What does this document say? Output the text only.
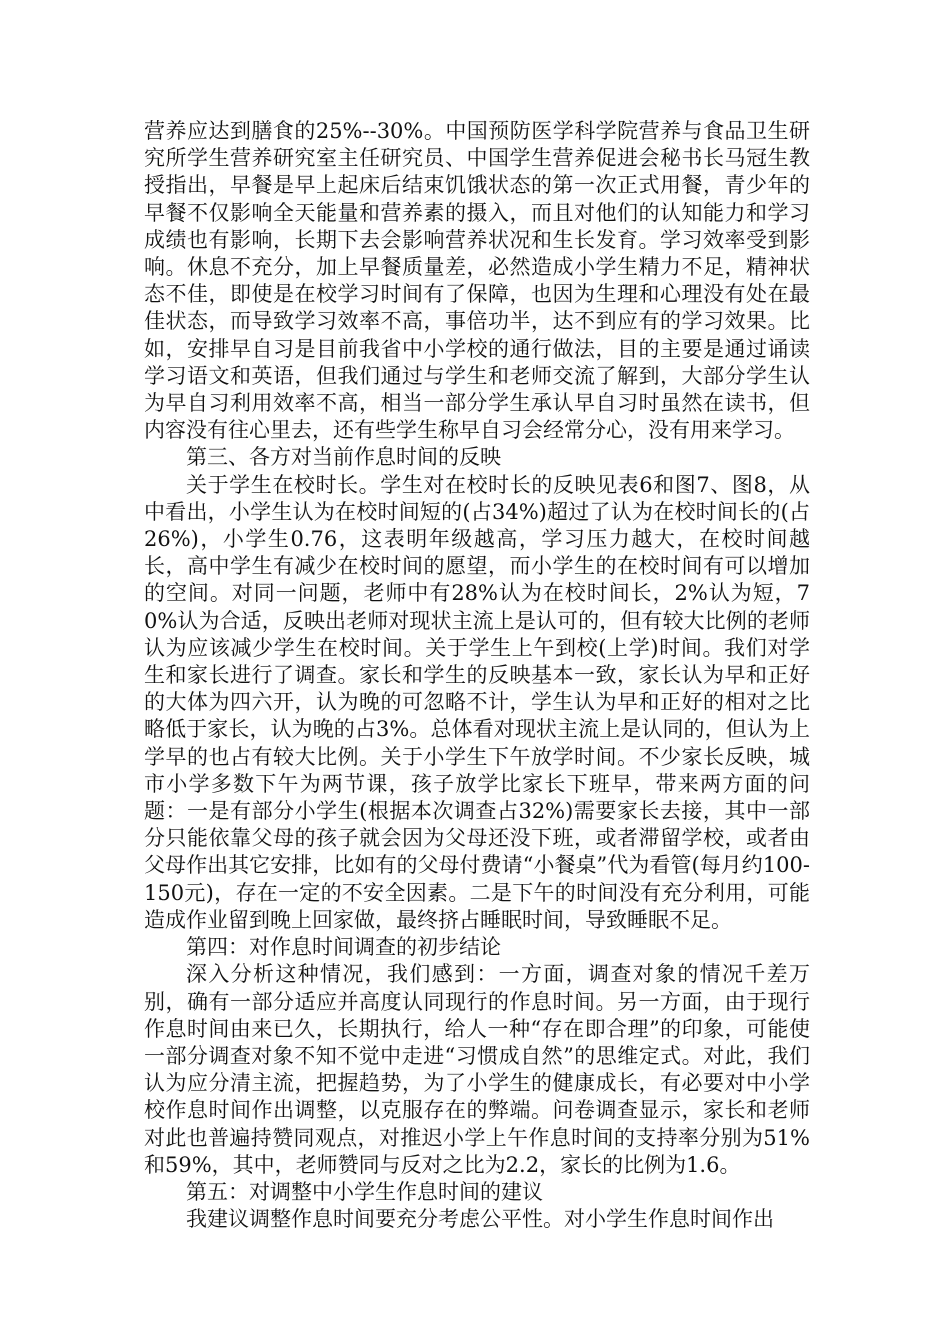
营养应达到膳食的25%--30%。中国预防医学科学院营养与食品卫生研究所学生营养研究室主任研究员、中国学生营养促进会秘书长马冠生教授指出，早餐是早上起床后结束饥饿状态的第一次正式用餐，青少年的早餐不仅影响全天能量和营养素的摄入，而且对他们的认知能力和学习成绩也有影响，长期下去会影响营养状况和生长发育。学习效率受到影响。休息不充分，加上早餐质量差，必然造成小学生精力不足，精神状态不佳，即使是在校学习时间有了保障，也因为生理和心理没有处在最佳状态，而导致学习效率不高，事倍功半，达不到应有的学习效果。比如，安排早自习是目前我省中小学校的通行做法，目的主要是通过诵读学习语文和英语，但我们通过与学生和老师交流了解到，大部分学生认为早自习利用效率不高，相当一部分学生承认早自习时虽然在读书，但内容没有往心里去，还有些学生称早自习会经常分心，没有用来学习。

第三、各方对当前作息时间的反映

关于学生在校时长。学生对在校时长的反映见表6和图7、图8，从中看出，小学生认为在校时间短的(占34%)超过了认为在校时间长的(占26%)，小学生0.76，这表明年级越高，学习压力越大，在校时间越长，高中学生有减少在校时间的愿望，而小学生的在校时间有可以增加的空间。对同一问题，老师中有28%认为在校时间长，2%认为短，70%认为合适，反映出老师对现状主流上是认可的，但有较大比例的老师认为应该减少学生在校时间。关于学生上午到校(上学)时间。我们对学生和家长进行了调查。家长和学生的反映基本一致，家长认为早和正好的大体为四六开，认为晚的可忽略不计，学生认为早和正好的相对之比略低于家长，认为晚的占3%。总体看对现状主流上是认同的，但认为上学早的也占有较大比例。关于小学生下午放学时间。不少家长反映，城市小学多数下午为两节课，孩子放学比家长下班早，带来两方面的问题：一是有部分小学生(根据本次调查占32%)需要家长去接，其中一部分只能依靠父母的孩子就会因为父母还没下班，或者滞留学校，或者由父母作出其它安排，比如有的父母付费请“小餐桌”代为看管(每月约100-150元)，存在一定的不安全因素。二是下午的时间没有充分利用，可能造成作业留到晚上回家做，最终挤占睡眠时间，导致睡眠不足。

第四：对作息时间调查的初步结论

深入分析这种情况，我们感到：一方面，调查对象的情况千差万别，确有一部分适应并高度认同现行的作息时间。另一方面，由于现行作息时间由来已久，长期执行，给人一种“存在即合理”的印象，可能使一部分调查对象不知不觉中走进“习惯成自然”的思维定式。对此，我们认为应分清主流，把握趋势，为了小学生的健康成长，有必要对中小学校作息时间作出调整，以克服存在的弊端。问卷调查显示，家长和老师对此也普遍持赞同观点，对推迟小学上午作息时间的支持率分别为51%和59%，其中，老师赞同与反对之比为2.2，家长的比例为1.6。

第五：对调整中小学生作息时间的建议

我建议调整作息时间要充分考虑公平性。对小学生作息时间作出
